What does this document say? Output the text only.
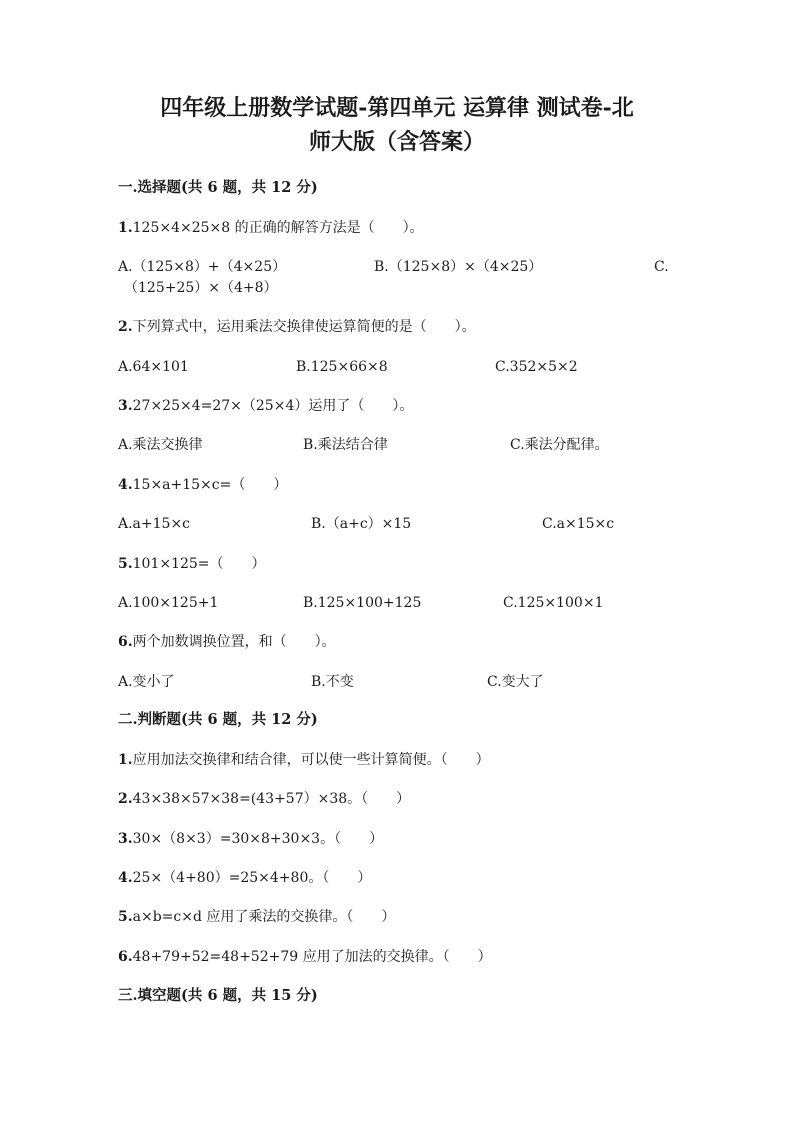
四年级上册数学试题-第四单元 运算律 测试卷-北
师大版（含答案）
一.选择题(共 6 题，共 12 分)
1.125×4×25×8 的正确的解答方法是（　　）。
A.（125×8）+（4×25）	B.（125×8）×（4×25）	C.
（125+25）×（4+8）
2.下列算式中，运用乘法交换律使运算简便的是（　　）。
A.64×101	B.125×66×8	C.352×5×2
3.27×25×4=27×（25×4）运用了（　　）。
A.乘法交换律	B.乘法结合律	C.乘法分配律。
4.15×a+15×c=（　　）
A.a+15×c	B.（a+c）×15	C.a×15×c
5.101×125=（　　）
A.100×125+1	B.125×100+125	C.125×100×1
6.两个加数调换位置，和（　　）。
A.变小了	B.不变	C.变大了
二.判断题(共 6 题，共 12 分)
1.应用加法交换律和结合律，可以使一些计算简便。（　　）
2.43×38×57×38=(43+57）×38。（　　）
3.30×（8×3）=30×8+30×3。（　　）
4.25×（4+80）=25×4+80。（　　）
5.a×b=c×d 应用了乘法的交换律。（　　）
6.48+79+52=48+52+79 应用了加法的交换律。（　　）
三.填空题(共 6 题，共 15 分)
